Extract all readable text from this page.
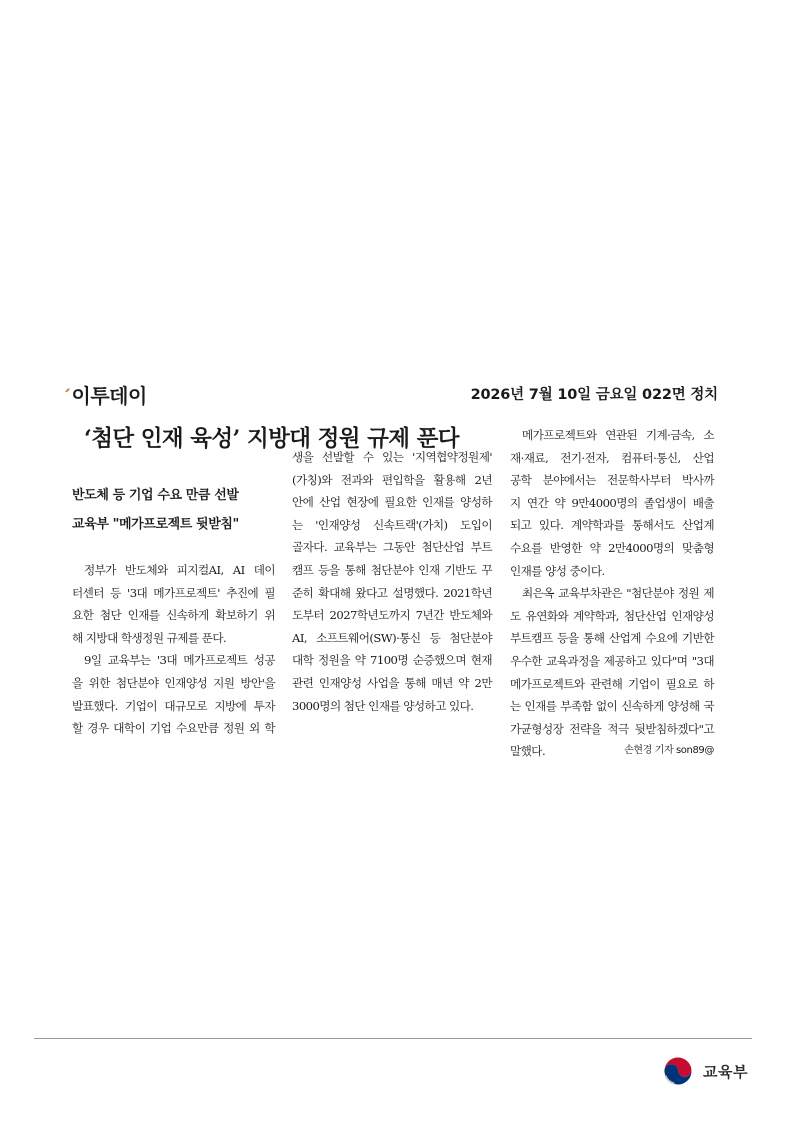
ˊ이투데이	2026년 7월 10일 금요일 022면 정치
‘첨단 인재 육성’ 지방대 정원 규제 푼다
반도체 등 기업 수요 만큼 선발
교육부 "메가프로젝트 뒷받침"
정부가 반도체와 피지컬AI, AI 데이
터센터 등 '3대 메가프로젝트' 추진에 필
요한 첨단 인재를 신속하게 확보하기 위
해 지방대 학생정원 규제를 푼다.
9일 교육부는 '3대 메가프로젝트 성공
을 위한 첨단분야 인재양성 지원 방안'을
발표했다. 기업이 대규모로 지방에 투자
할 경우 대학이 기업 수요만큼 정원 외 학
생을 선발할 수 있는 '지역협약정원제'
(가칭)와 전과와 편입학을 활용해 2년
안에 산업 현장에 필요한 인재를 양성하
는 '인재양성 신속트랙'(가치) 도입이
골자다. 교육부는 그동안 첨단산업 부트
캠프 등을 통해 첨단분야 인재 기반도 꾸
준히 확대해 왔다고 설명했다. 2021학년
도부터 2027학년도까지 7년간 반도체와
AI, 소프트웨어(SW)·통신 등 첨단분야
대학 정원을 약 7100명 순증했으며 현재
관련 인재양성 사업을 통해 매년 약 2만
3000명의 첨단 인재를 양성하고 있다.
메가프로젝트와 연관된 기계·금속, 소
재·재료, 전기·전자, 컴퓨터·통신, 산업
공학 분야에서는 전문학사부터 박사까
지 연간 약 9만4000명의 졸업생이 배출
되고 있다. 계약학과를 통해서도 산업계
수요를 반영한 약 2만4000명의 맞춤형
인재를 양성 중이다.
최은옥 교육부차관은 "첨단분야 정원 제
도 유연화와 계약학과, 첨단산업 인재양성
부트캠프 등을 통해 산업계 수요에 기반한
우수한 교육과정을 제공하고 있다"며 "3대
메가프로젝트와 관련해 기업이 필요로 하
는 인재를 부족함 없이 신속하게 양성해 국
가균형성장 전략을 적극 뒷받침하겠다"고
말했다.	손현경 기자 son89@
교육부
